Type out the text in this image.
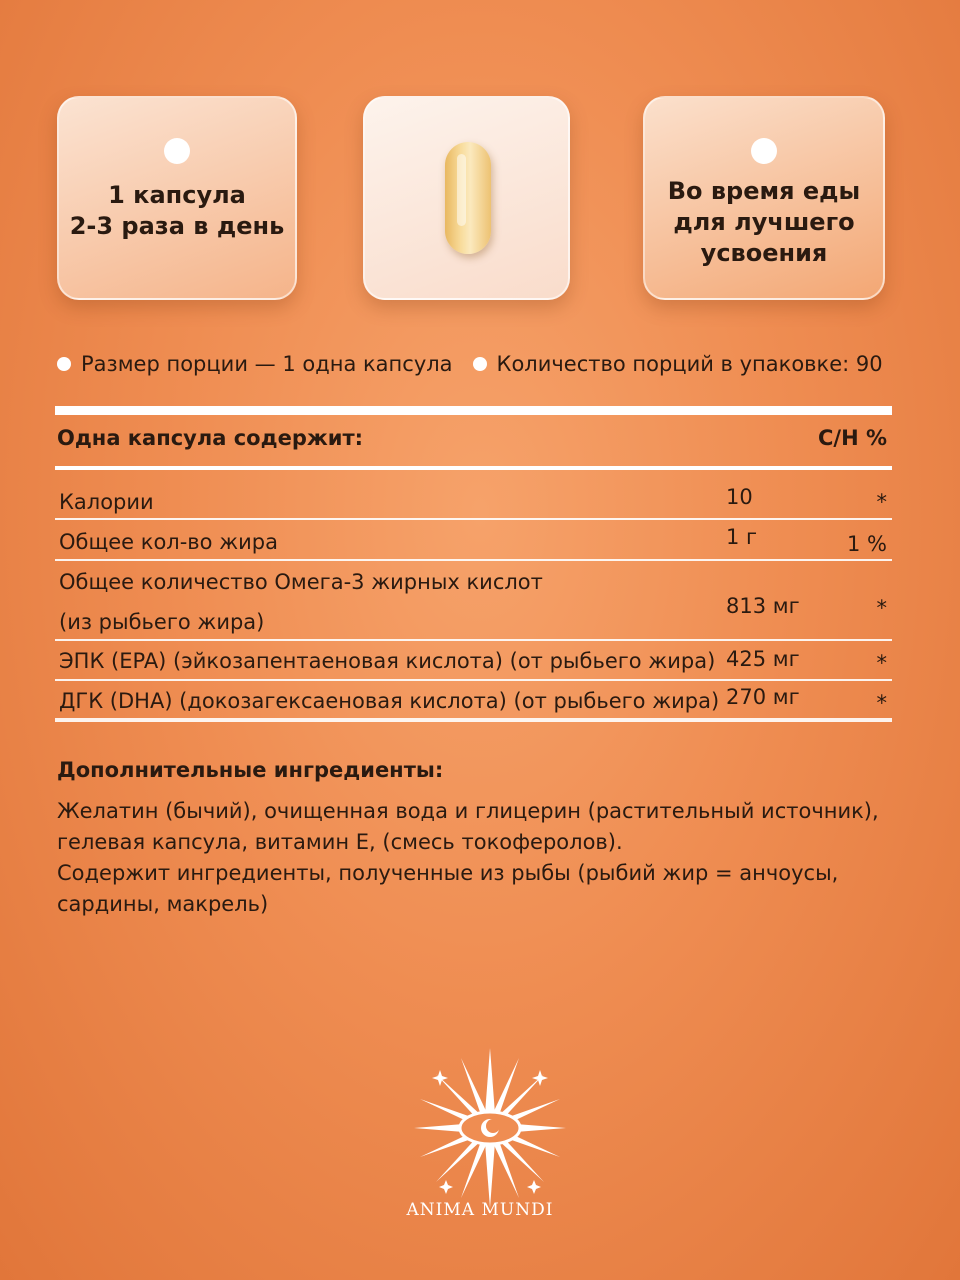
1 капсула
2-3 раза в день
Во время еды
для лучшего
усвоения
Размер порции — 1 одна капсула Количество порций в упаковке: 90
Одна капсула содержит:	С/Н %
Калории	10	*
Общее кол-во жира	1 г	1 %
Общее количество Омега-3 жирных кислот
(из рыбьего жира)
813 мг	*
ЭПК (EPA) (эйкозапентаеновая кислота) (от рыбьего жира) 425 мг	*
ДГК (DHA) (докозагексаеновая кислота) (от рыбьего жира) 270 мг	*
Дополнительные ингредиенты:
Желатин (бычий), очищенная вода и глицерин (растительный источник),
гелевая капсула, витамин Е, (смесь токоферолов).
Содержит ингредиенты, полученные из рыбы (рыбий жир = анчоусы,
сардины, макрель)
ANIMA MUNDI
